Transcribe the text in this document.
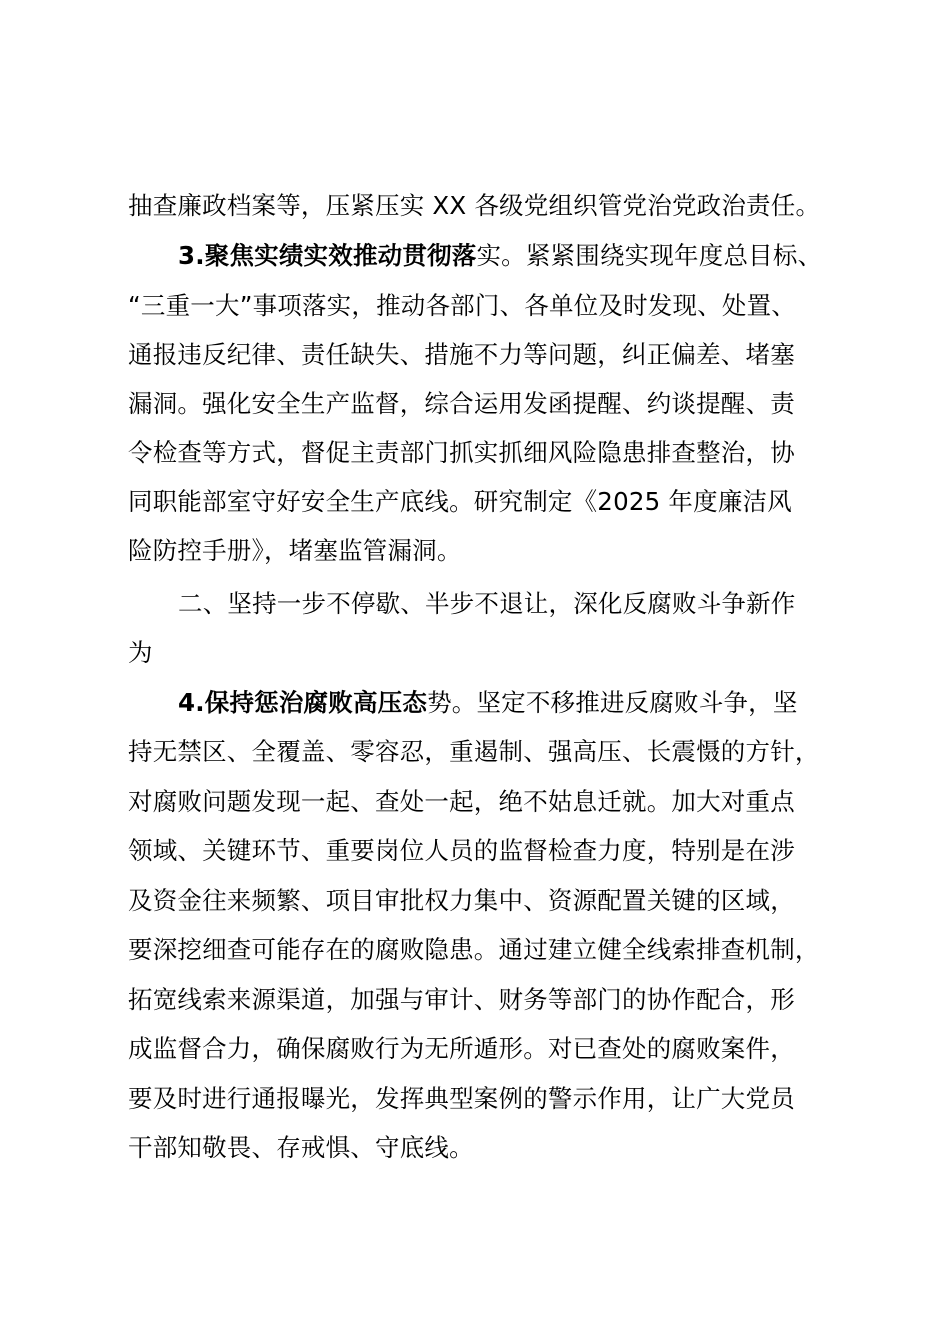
抽查廉政档案等，压紧压实 XX 各级党组织管党治党政治责任。
3.聚焦实绩实效推动贯彻落实。紧紧围绕实现年度总目标、
“三重一大”事项落实，推动各部门、各单位及时发现、处置、
通报违反纪律、责任缺失、措施不力等问题，纠正偏差、堵塞
漏洞。强化安全生产监督，综合运用发函提醒、约谈提醒、责
令检查等方式，督促主责部门抓实抓细风险隐患排查整治，协
同职能部室守好安全生产底线。研究制定《2025 年度廉洁风
险防控手册》，堵塞监管漏洞。
二、坚持一步不停歇、半步不退让，深化反腐败斗争新作
为
4.保持惩治腐败高压态势。坚定不移推进反腐败斗争，坚
持无禁区、全覆盖、零容忍，重遏制、强高压、长震慑的方针，
对腐败问题发现一起、查处一起，绝不姑息迁就。加大对重点
领域、关键环节、重要岗位人员的监督检查力度，特别是在涉
及资金往来频繁、项目审批权力集中、资源配置关键的区域，
要深挖细查可能存在的腐败隐患。通过建立健全线索排查机制，
拓宽线索来源渠道，加强与审计、财务等部门的协作配合，形
成监督合力，确保腐败行为无所遁形。对已查处的腐败案件，
要及时进行通报曝光，发挥典型案例的警示作用，让广大党员
干部知敬畏、存戒惧、守底线。
